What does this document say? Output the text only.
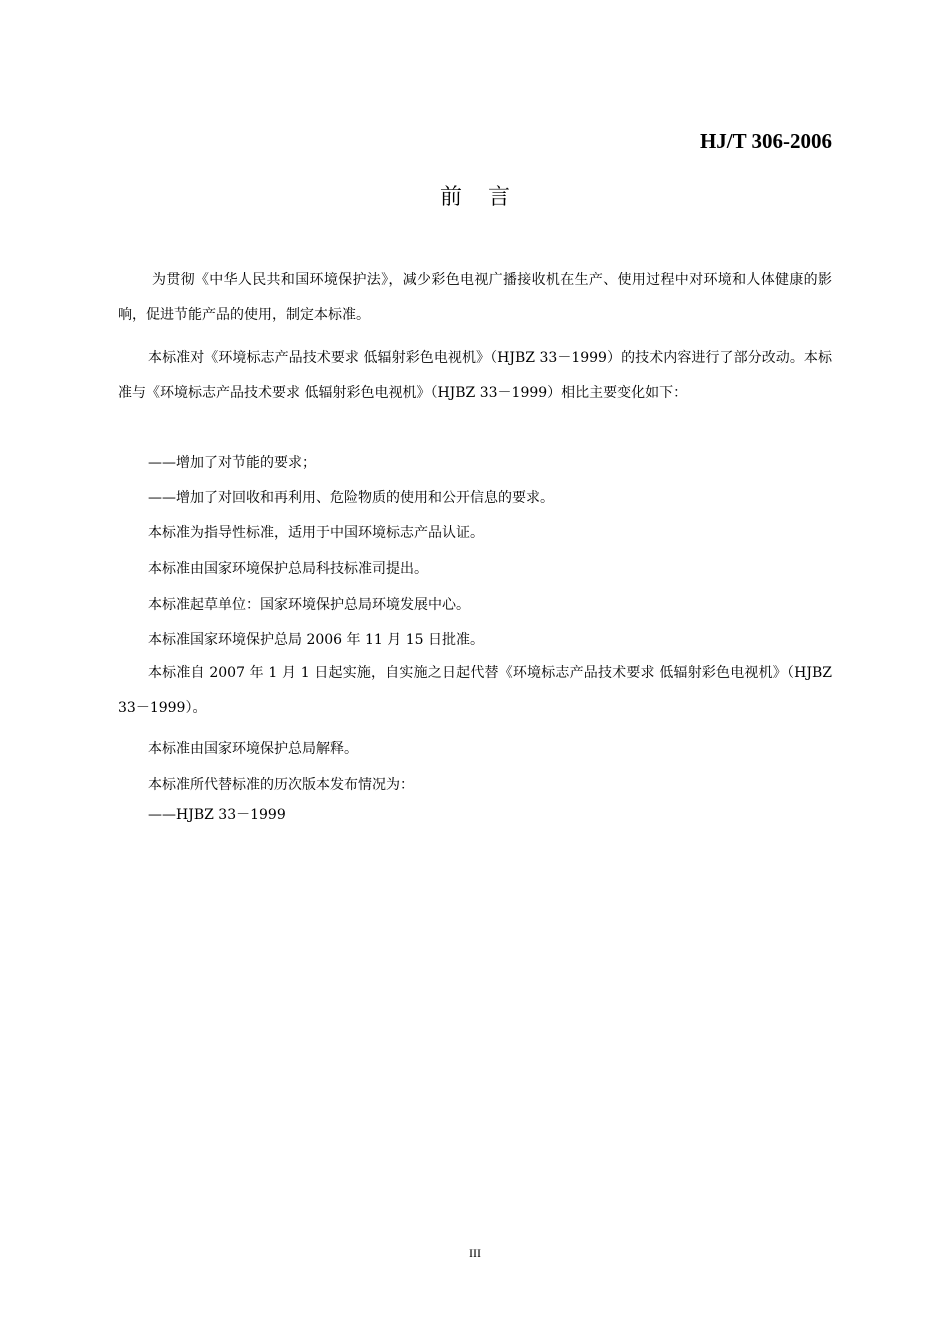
HJ/T 306-2006
前言

为贯彻《中华人民共和国环境保护法》，减少彩色电视广播接收机在生产、使用过程中对环境和人体健康的影响，促进节能产品的使用，制定本标准。

本标准对《环境标志产品技术要求 低辐射彩色电视机》（HJBZ 33－1999）的技术内容进行了部分改动。本标准与《环境标志产品技术要求 低辐射彩色电视机》（HJBZ 33－1999）相比主要变化如下：

——增加了对节能的要求；
——增加了对回收和再利用、危险物质的使用和公开信息的要求。
本标准为指导性标准，适用于中国环境标志产品认证。
本标准由国家环境保护总局科技标准司提出。
本标准起草单位：国家环境保护总局环境发展中心。
本标准国家环境保护总局 2006 年 11 月 15 日批准。

本标准自 2007 年 1 月 1 日起实施，自实施之日起代替《环境标志产品技术要求 低辐射彩色电视机》（HJBZ 33－1999）。

本标准由国家环境保护总局解释。
本标准所代替标准的历次版本发布情况为：
——HJBZ 33－1999
III
